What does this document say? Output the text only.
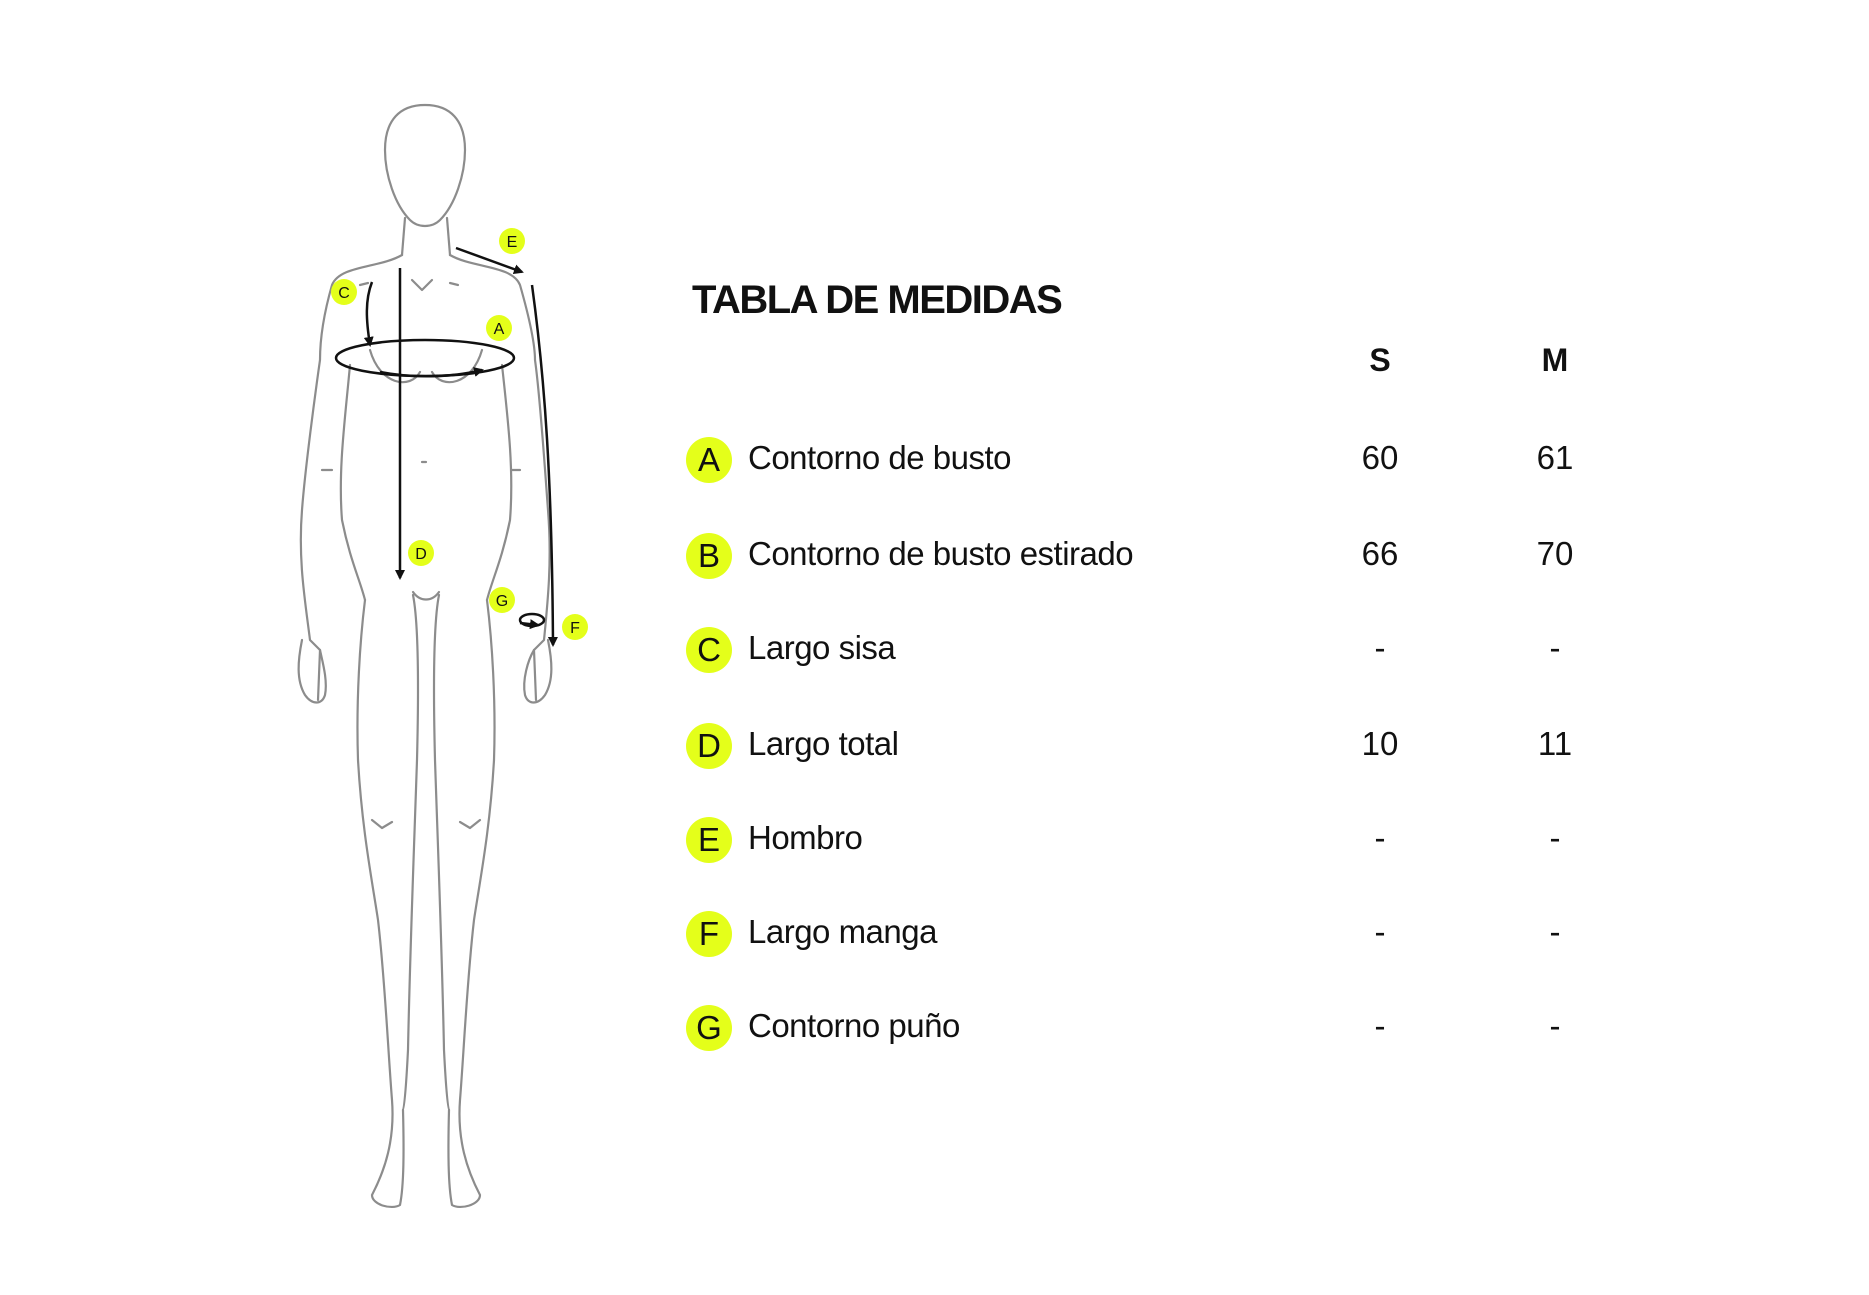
A
C
D
E
F
G
TABLA DE MEDIDAS
S	M
A Contorno de busto	60	61
B Contorno de busto estirado	66	70
C Largo sisa	-	-
D Largo total	10	11
E Hombro	-	-
F Largo manga	-	-
G Contorno puño	-	-
